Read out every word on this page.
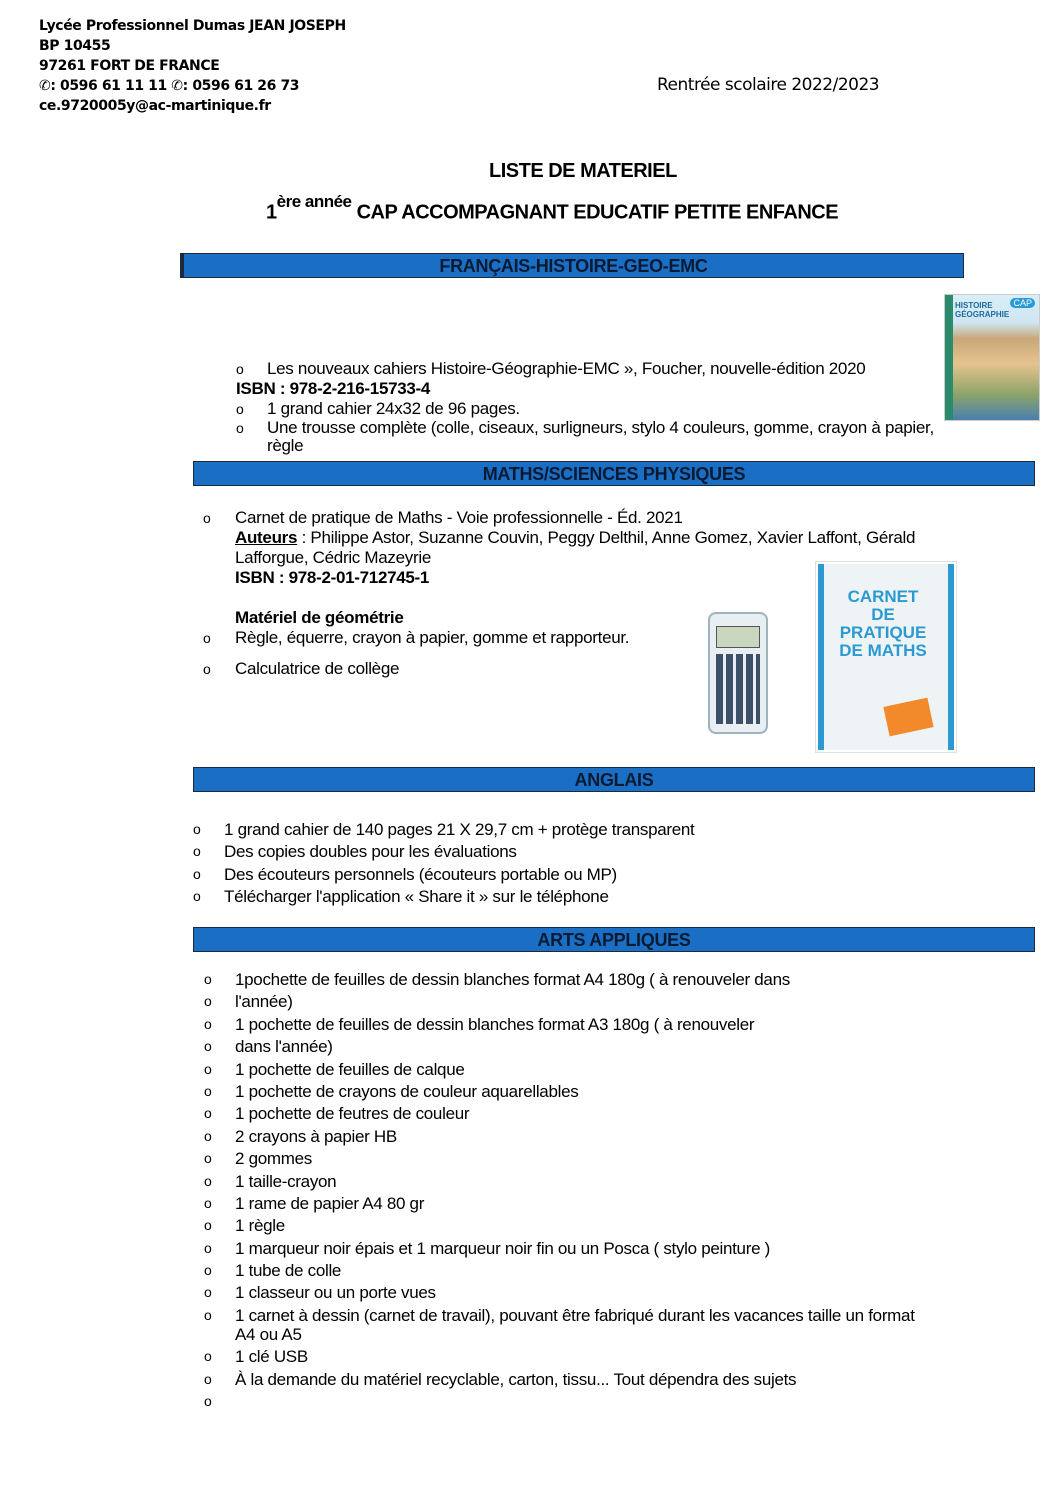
Lycée Professionnel Dumas JEAN JOSEPH
BP 10455
97261 FORT DE FRANCE
✆: 0596 61 11 11 ✆: 0596 61 26 73
ce.9720005y@ac-martinique.fr
Rentrée scolaire 2022/2023
LISTE DE MATERIEL
$1^{ère année}$ CAP ACCOMPAGNANT EDUCATIF PETITE ENFANCE
FRANÇAIS-HISTOIRE-GEO-EMC
HISTOIRE GÉOGRAPHIE
CAP
o Les nouveaux cahiers Histoire-Géographie-EMC », Foucher, nouvelle-édition 2020
ISBN : 978-2-216-15733-4
o 1 grand cahier 24x32 de 96 pages.
o Une trousse complète (colle, ciseaux, surligneurs, stylo 4 couleurs, gomme, crayon à papier, règle
MATHS/SCIENCES PHYSIQUES
o Carnet de pratique de Maths - Voie professionnelle - Éd. 2021
Auteurs : Philippe Astor, Suzanne Couvin, Peggy Delthil, Anne Gomez, Xavier Laffont, Gérald Lafforgue, Cédric Mazeyrie
ISBN : 978-2-01-712745-1

Matériel de géométrie
o Règle, équerre, crayon à papier, gomme et rapporteur.
o Calculatrice de collège
CARNET DE PRATIQUE DE MATHS
ANGLAIS
o 1 grand cahier de 140 pages 21 X 29,7 cm + protège transparent
o Des copies doubles pour les évaluations
o Des écouteurs personnels (écouteurs portable ou MP)
o Télécharger l'application « Share it » sur le téléphone
ARTS APPLIQUES
o 1pochette de feuilles de dessin blanches format A4 180g ( à renouveler dans
o l'année)
o 1 pochette de feuilles de dessin blanches format A3 180g ( à renouveler
o dans l'année)
o 1 pochette de feuilles de calque
o 1 pochette de crayons de couleur aquarellables
o 1 pochette de feutres de couleur
o 2 crayons à papier HB
o 2 gommes
o 1 taille-crayon
o 1 rame de papier A4 80 gr
o 1 règle
o 1 marqueur noir épais et 1 marqueur noir fin ou un Posca ( stylo peinture )
o 1 tube de colle
o 1 classeur ou un porte vues
o 1 carnet à dessin (carnet de travail), pouvant être fabriqué durant les vacances taille un format A4 ou A5
o 1 clé USB
o À la demande du matériel recyclable, carton, tissu... Tout dépendra des sujets
o
